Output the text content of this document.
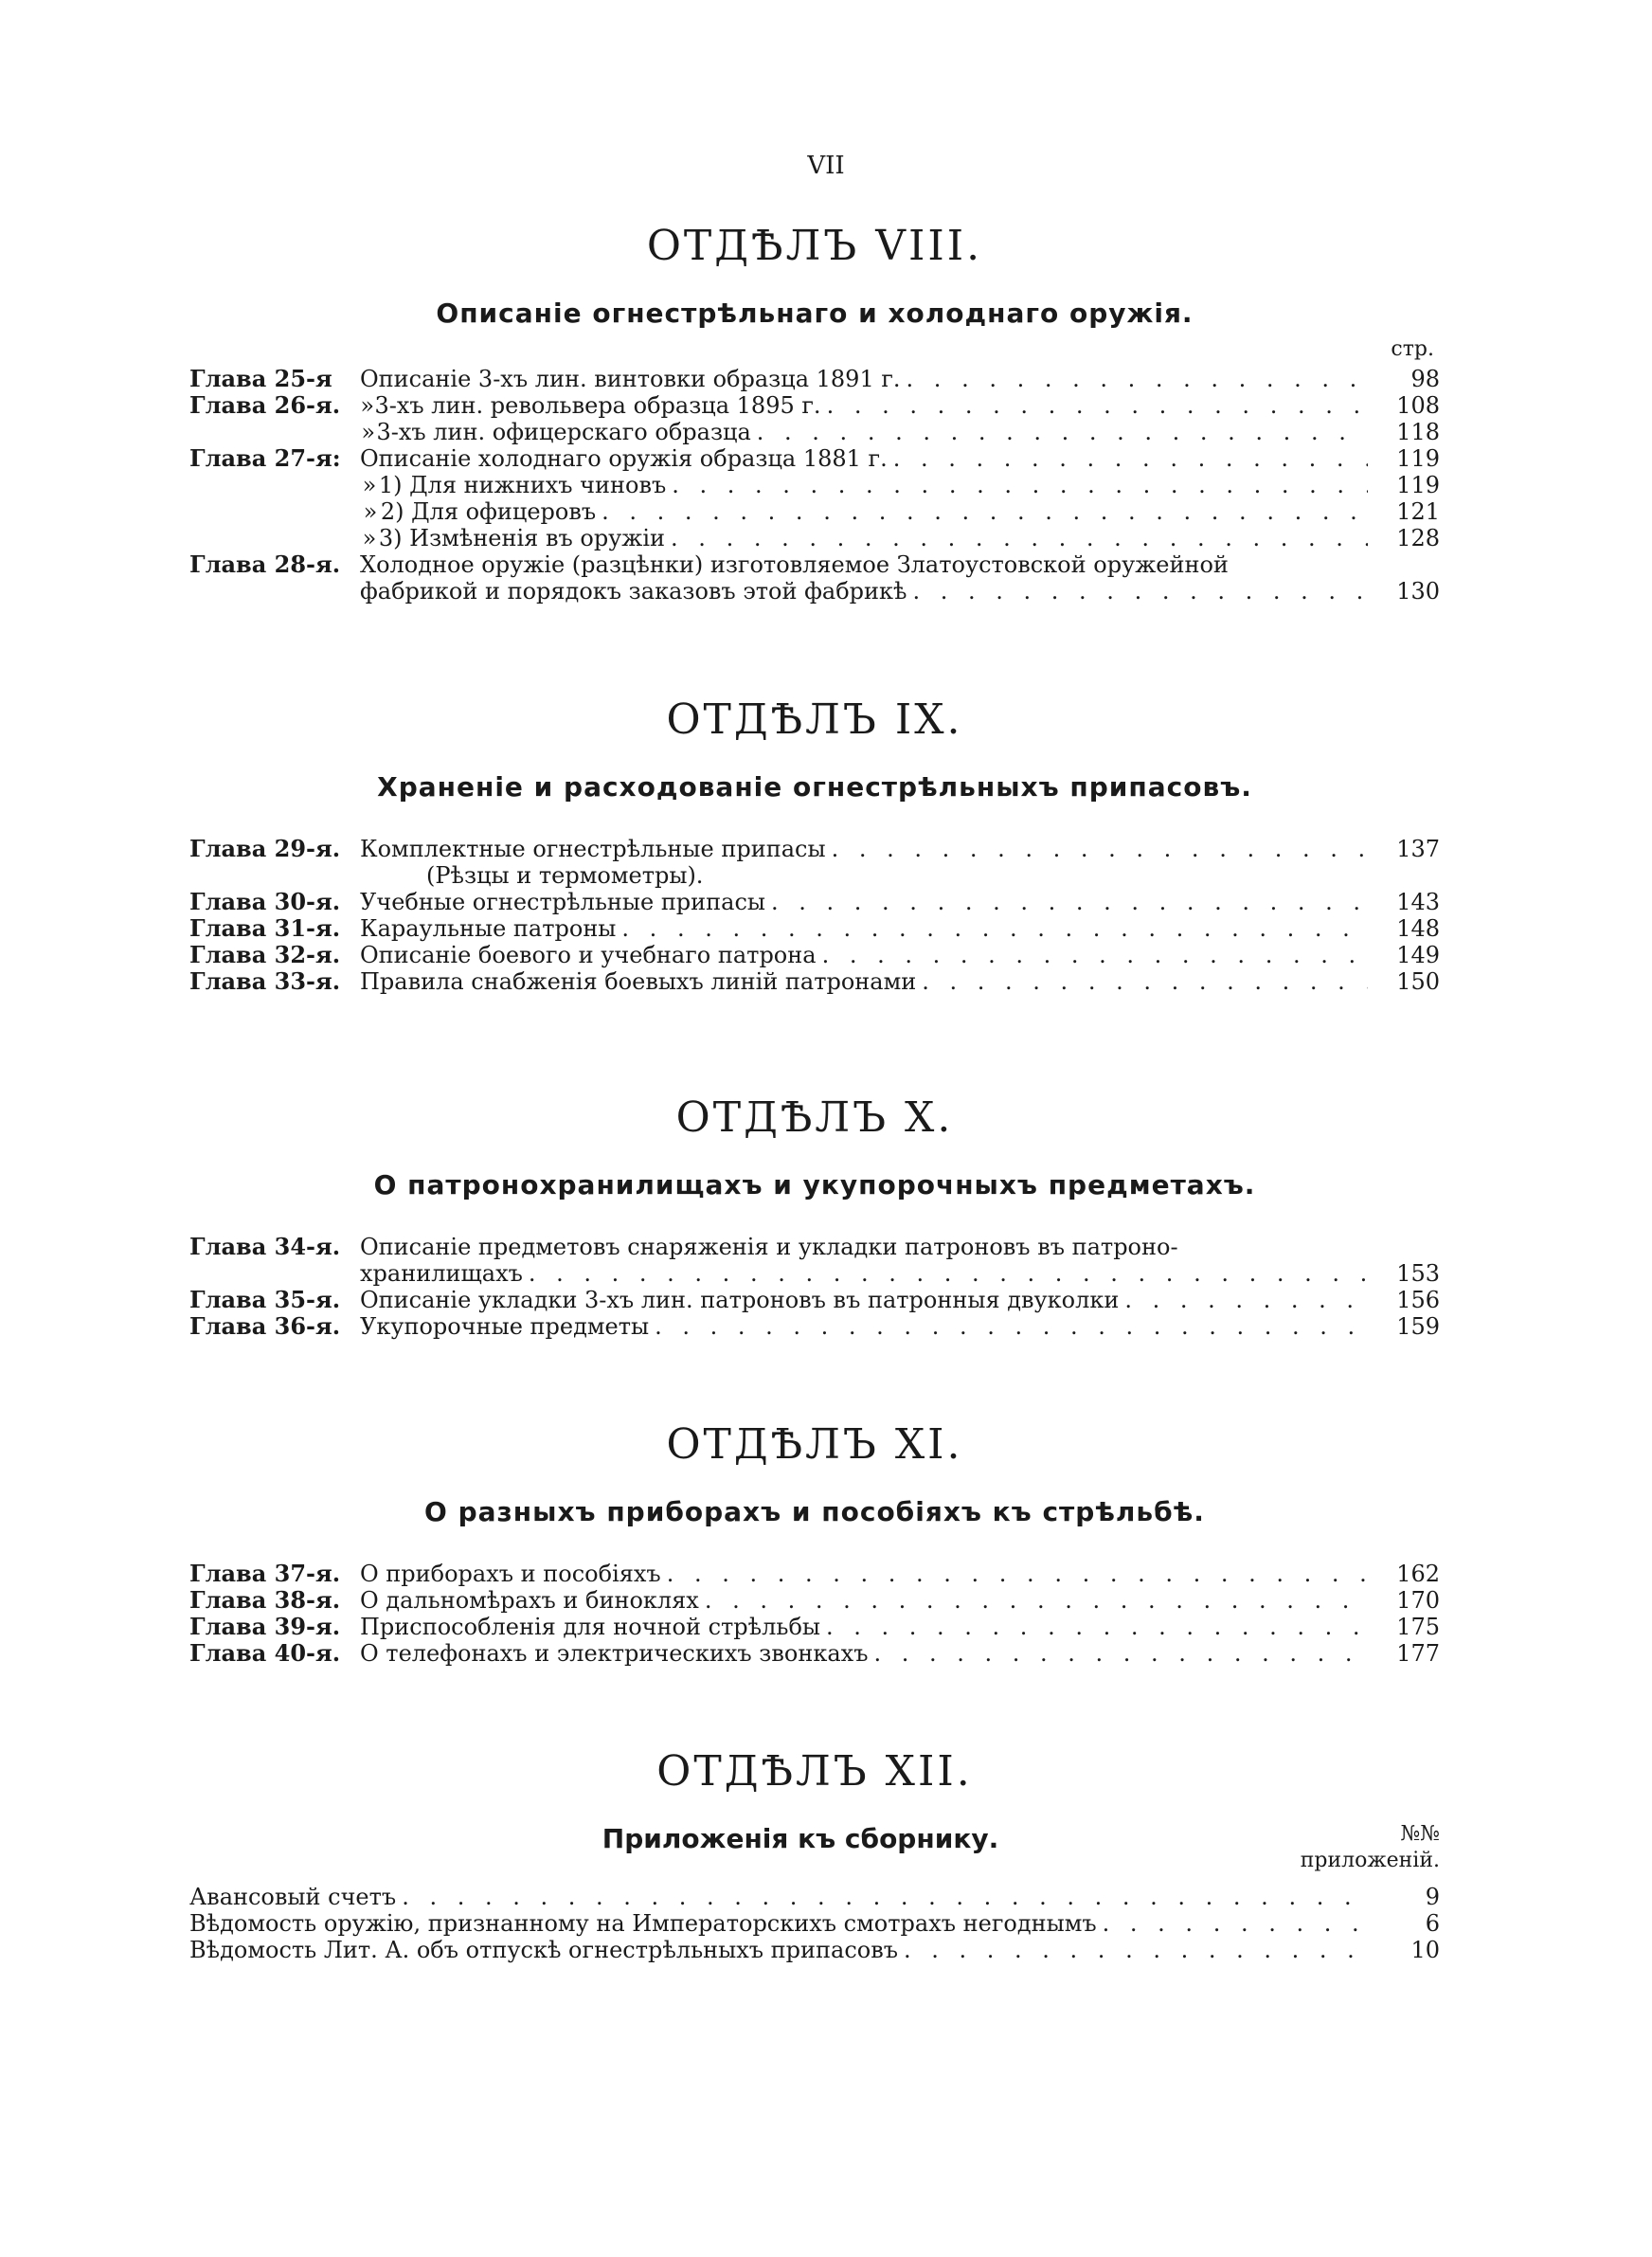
VII
ОТДѢЛЪ VIII.
Описаніе огнестрѣльнаго и холоднаго оружія.
стр.
Глава 25-я	Описаніе 3-хъ лин. винтовки образца 1891 г. . . .	98
Глава 26-я. » 3-хъ лин. револьвера образца 1895 г. . . .	108
» 3-хъ лин. офицерскаго образца . . .	118
Глава 27-я: Описаніе холоднаго оружія образца 1881 г. . . .	119
» 1) Для нижнихъ чиновъ . . .	119
» 2) Для офицеровъ . . .	121
» 3) Измѣненія въ оружіи . . .	128
Глава 28-я. Холодное оружіе (разцѣнки) изготовляемое Златоустовской оружейной
фабрикой и порядокъ заказовъ этой фабрикѣ . . .	130
ОТДѢЛЪ IX.
Храненіе и расходованіе огнестрѣльныхъ припасовъ.
Глава 29-я. Комплектные огнестрѣльные припасы . . .	137
(Рѣзцы и термометры).
Глава 30-я. Учебные огнестрѣльные припасы . . .	143
Глава 31-я. Караульные патроны . . .	148
Глава 32-я. Описаніе боевого и учебнаго патрона . . .	149
Глава 33-я. Правила снабженія боевыхъ линій патронами . . .	150
ОТДѢЛЪ X.
О патронохранилищахъ и укупорочныхъ предметахъ.
Глава 34-я. Описаніе предметовъ снаряженія и укладки патроновъ въ патроно-
хранилищахъ . . .	153
Глава 35-я. Описаніе укладки 3-хъ лин. патроновъ въ патронныя двуколки . . .	156
Глава 36-я. Укупорочные предметы . . .	159
ОТДѢЛЪ XI.
О разныхъ приборахъ и пособіяхъ къ стрѣльбѣ.
Глава 37-я. О приборахъ и пособіяхъ . . .	162
Глава 38-я. О дальномѣрахъ и биноклях . . .	170
Глава 39-я. Приспособленія для ночной стрѣльбы . . .	175
Глава 40-я. О телефонахъ и электрическихъ звонкахъ . . .	177
ОТДѢЛЪ XII.
Приложенія къ сборнику.	№№
приложеній.
Авансовый счетъ . . .	9
Вѣдомость оружію, признанному на Императорскихъ смотрахъ негоднымъ . . .	6
Вѣдомость Лит. А. объ отпускѣ огнестрѣльныхъ припасовъ . . .	10
